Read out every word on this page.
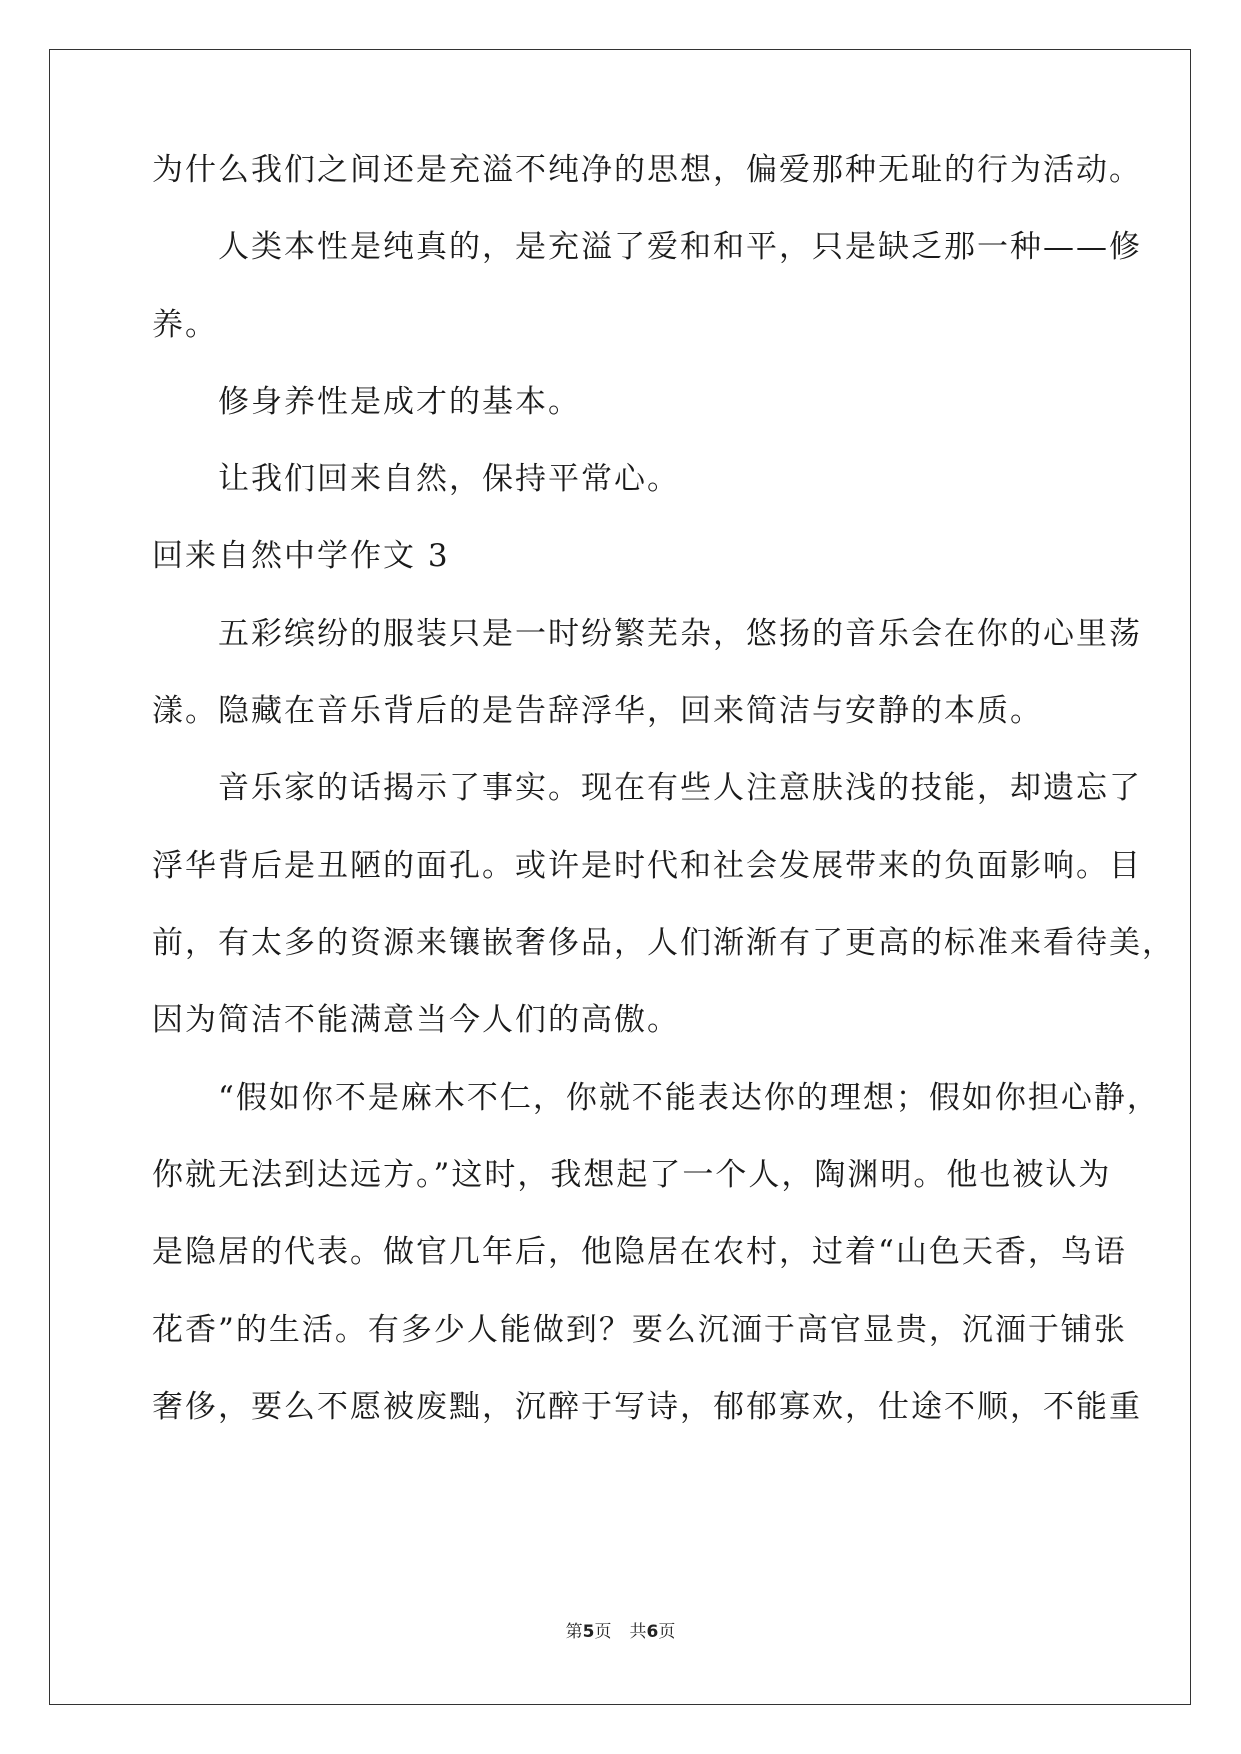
为什么我们之间还是充溢不纯净的思想，偏爱那种无耻的行为活动。
　　人类本性是纯真的，是充溢了爱和和平，只是缺乏那一种——修
养。
　　修身养性是成才的基本。
　　让我们回来自然，保持平常心。
回来自然中学作文 3
　　五彩缤纷的服装只是一时纷繁芜杂，悠扬的音乐会在你的心里荡
漾。隐藏在音乐背后的是告辞浮华，回来简洁与安静的本质。
　　音乐家的话揭示了事实。现在有些人注意肤浅的技能，却遗忘了
浮华背后是丑陋的面孔。或许是时代和社会发展带来的负面影响。目
前，有太多的资源来镶嵌奢侈品，人们渐渐有了更高的标准来看待美，
因为简洁不能满意当今人们的高傲。
　　“假如你不是麻木不仁，你就不能表达你的理想；假如你担心静，
你就无法到达远方。”这时，我想起了一个人，陶渊明。他也被认为
是隐居的代表。做官几年后，他隐居在农村，过着“山色天香，鸟语
花香”的生活。有多少人能做到？要么沉湎于高官显贵，沉湎于铺张
奢侈，要么不愿被废黜，沉醉于写诗，郁郁寡欢，仕途不顺，不能重
第5页 共6页
